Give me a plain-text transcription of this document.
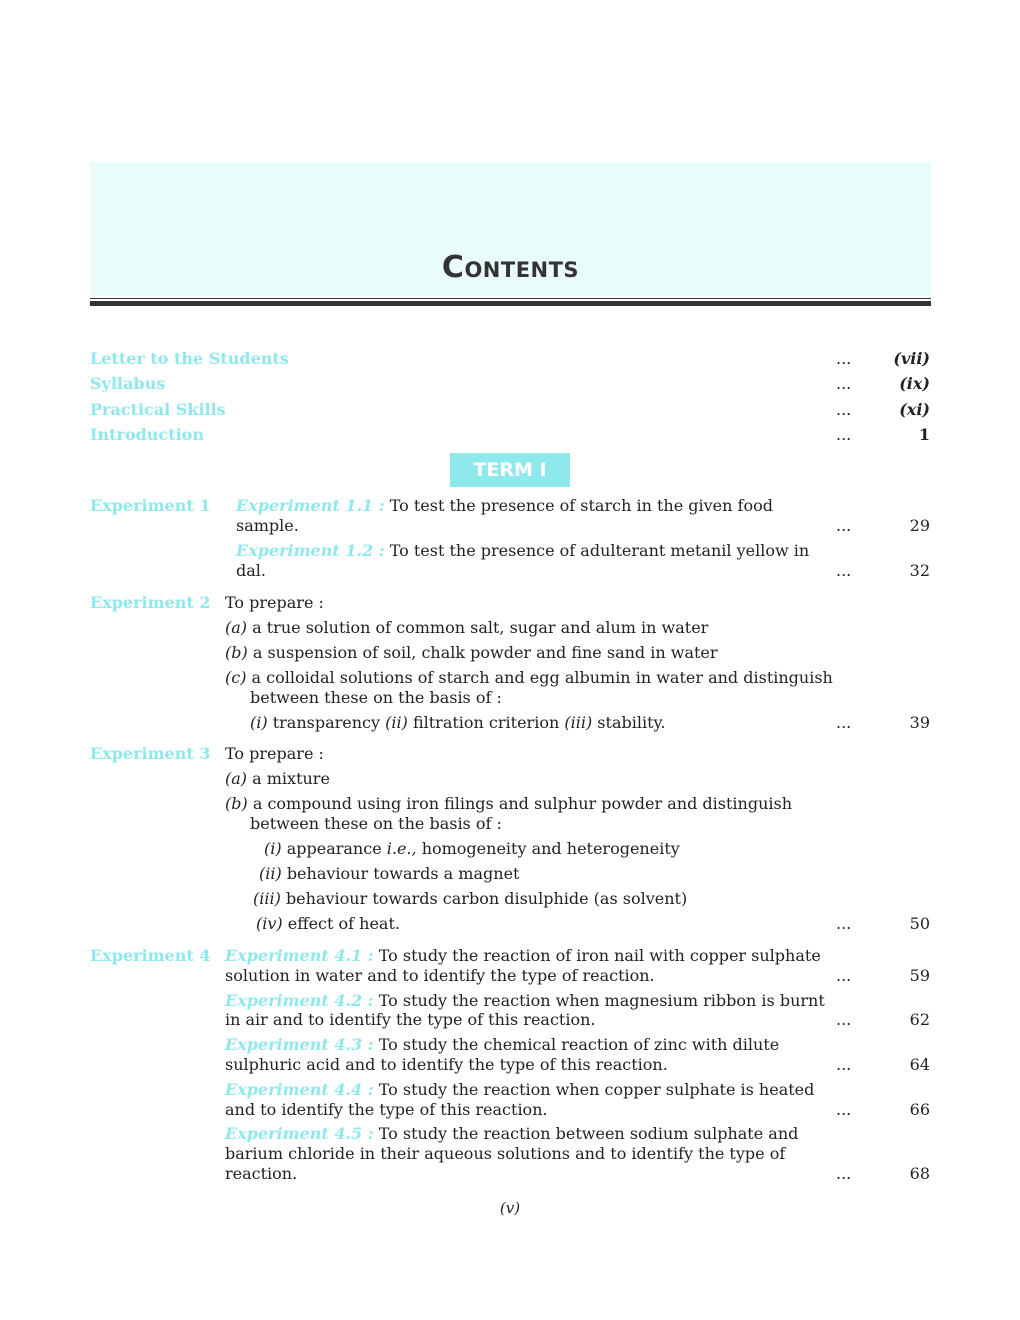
Contents
Letter to the Students	...	(vii)
Syllabus	...	(ix)
Practical Skills	...	(xi)
Introduction	...	1
TERM I
Experiment 1 Experiment 1.1 : To test the presence of starch in the given food
sample.	...	29
Experiment 1.2 : To test the presence of adulterant metanil yellow in
dal.	...	32
Experiment 2 To prepare :
(a) a true solution of common salt, sugar and alum in water
(b) a suspension of soil, chalk powder and fine sand in water
(c) a colloidal solutions of starch and egg albumin in water and distinguish
between these on the basis of :
(i) transparency (ii) filtration criterion (iii) stability.	...	39
Experiment 3 To prepare :
(a) a mixture
(b) a compound using iron filings and sulphur powder and distinguish
between these on the basis of :
(i) appearance i.e., homogeneity and heterogeneity
(ii) behaviour towards a magnet
(iii) behaviour towards carbon disulphide (as solvent)
(iv) effect of heat.	...	50
Experiment 4 Experiment 4.1 : To study the reaction of iron nail with copper sulphate
solution in water and to identify the type of reaction.	...	59
Experiment 4.2 : To study the reaction when magnesium ribbon is burnt
in air and to identify the type of this reaction.	...	62
Experiment 4.3 : To study the chemical reaction of zinc with dilute
sulphuric acid and to identify the type of this reaction.	...	64
Experiment 4.4 : To study the reaction when copper sulphate is heated
and to identify the type of this reaction.	...	66
Experiment 4.5 : To study the reaction between sodium sulphate and
barium chloride in their aqueous solutions and to identify the type of
reaction.	...	68
(v)
